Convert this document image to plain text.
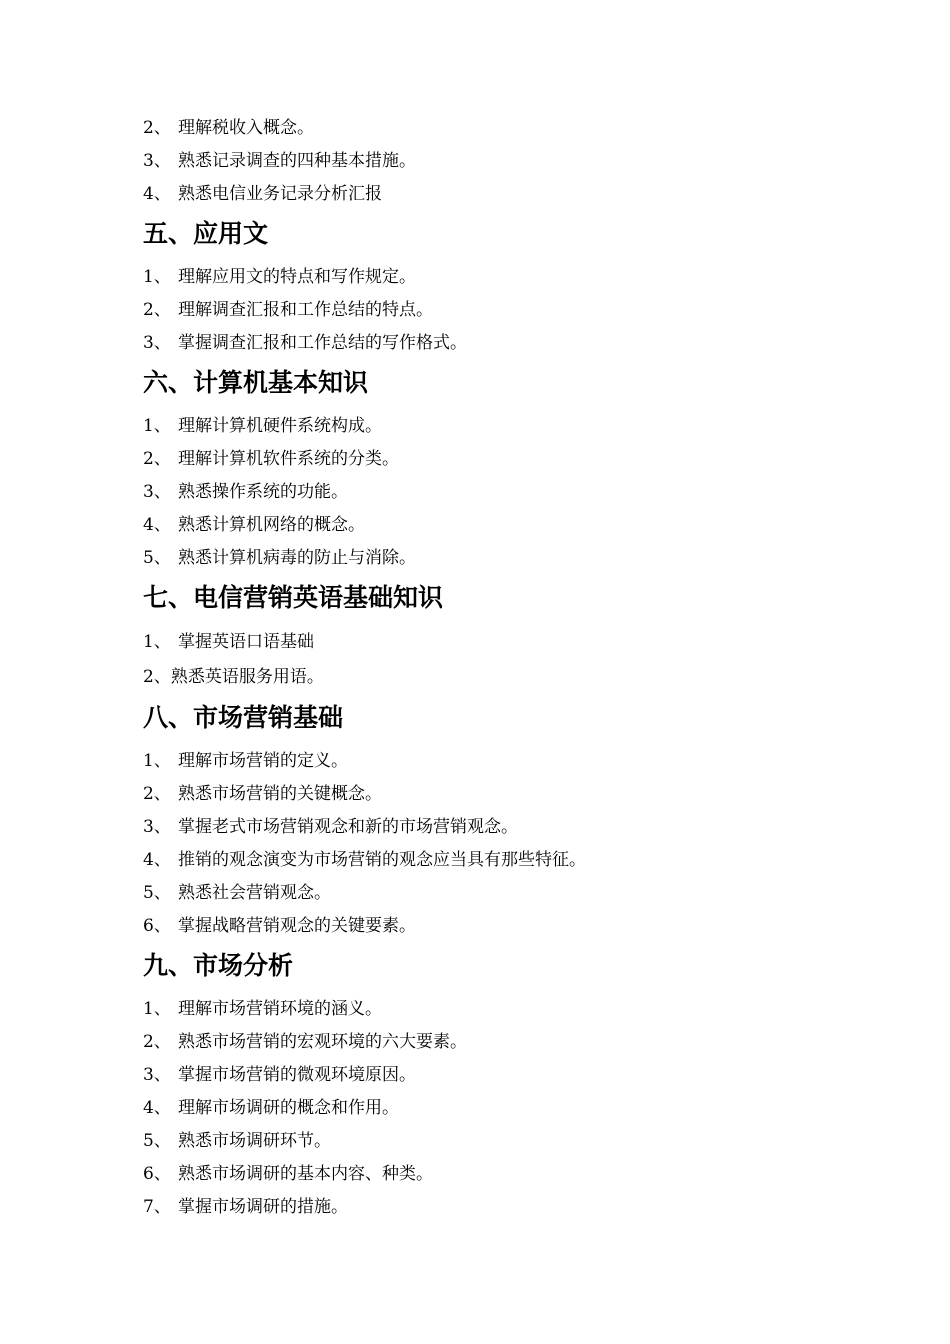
2、 理解税收入概念。
3、 熟悉记录调查的四种基本措施。
4、 熟悉电信业务记录分析汇报
五、应用文
1、 理解应用文的特点和写作规定。
2、 理解调查汇报和工作总结的特点。
3、 掌握调查汇报和工作总结的写作格式。
六、计算机基本知识
1、 理解计算机硬件系统构成。
2、 理解计算机软件系统的分类。
3、 熟悉操作系统的功能。
4、 熟悉计算机网络的概念。
5、 熟悉计算机病毒的防止与消除。
七、电信营销英语基础知识
1、 掌握英语口语基础
2、熟悉英语服务用语。
八、市场营销基础
1、 理解市场营销的定义。
2、 熟悉市场营销的关键概念。
3、 掌握老式市场营销观念和新的市场营销观念。
4、 推销的观念演变为市场营销的观念应当具有那些特征。
5、 熟悉社会营销观念。
6、 掌握战略营销观念的关键要素。
九、市场分析
1、 理解市场营销环境的涵义。
2、 熟悉市场营销的宏观环境的六大要素。
3、 掌握市场营销的微观环境原因。
4、 理解市场调研的概念和作用。
5、 熟悉市场调研环节。
6、 熟悉市场调研的基本内容、种类。
7、 掌握市场调研的措施。
